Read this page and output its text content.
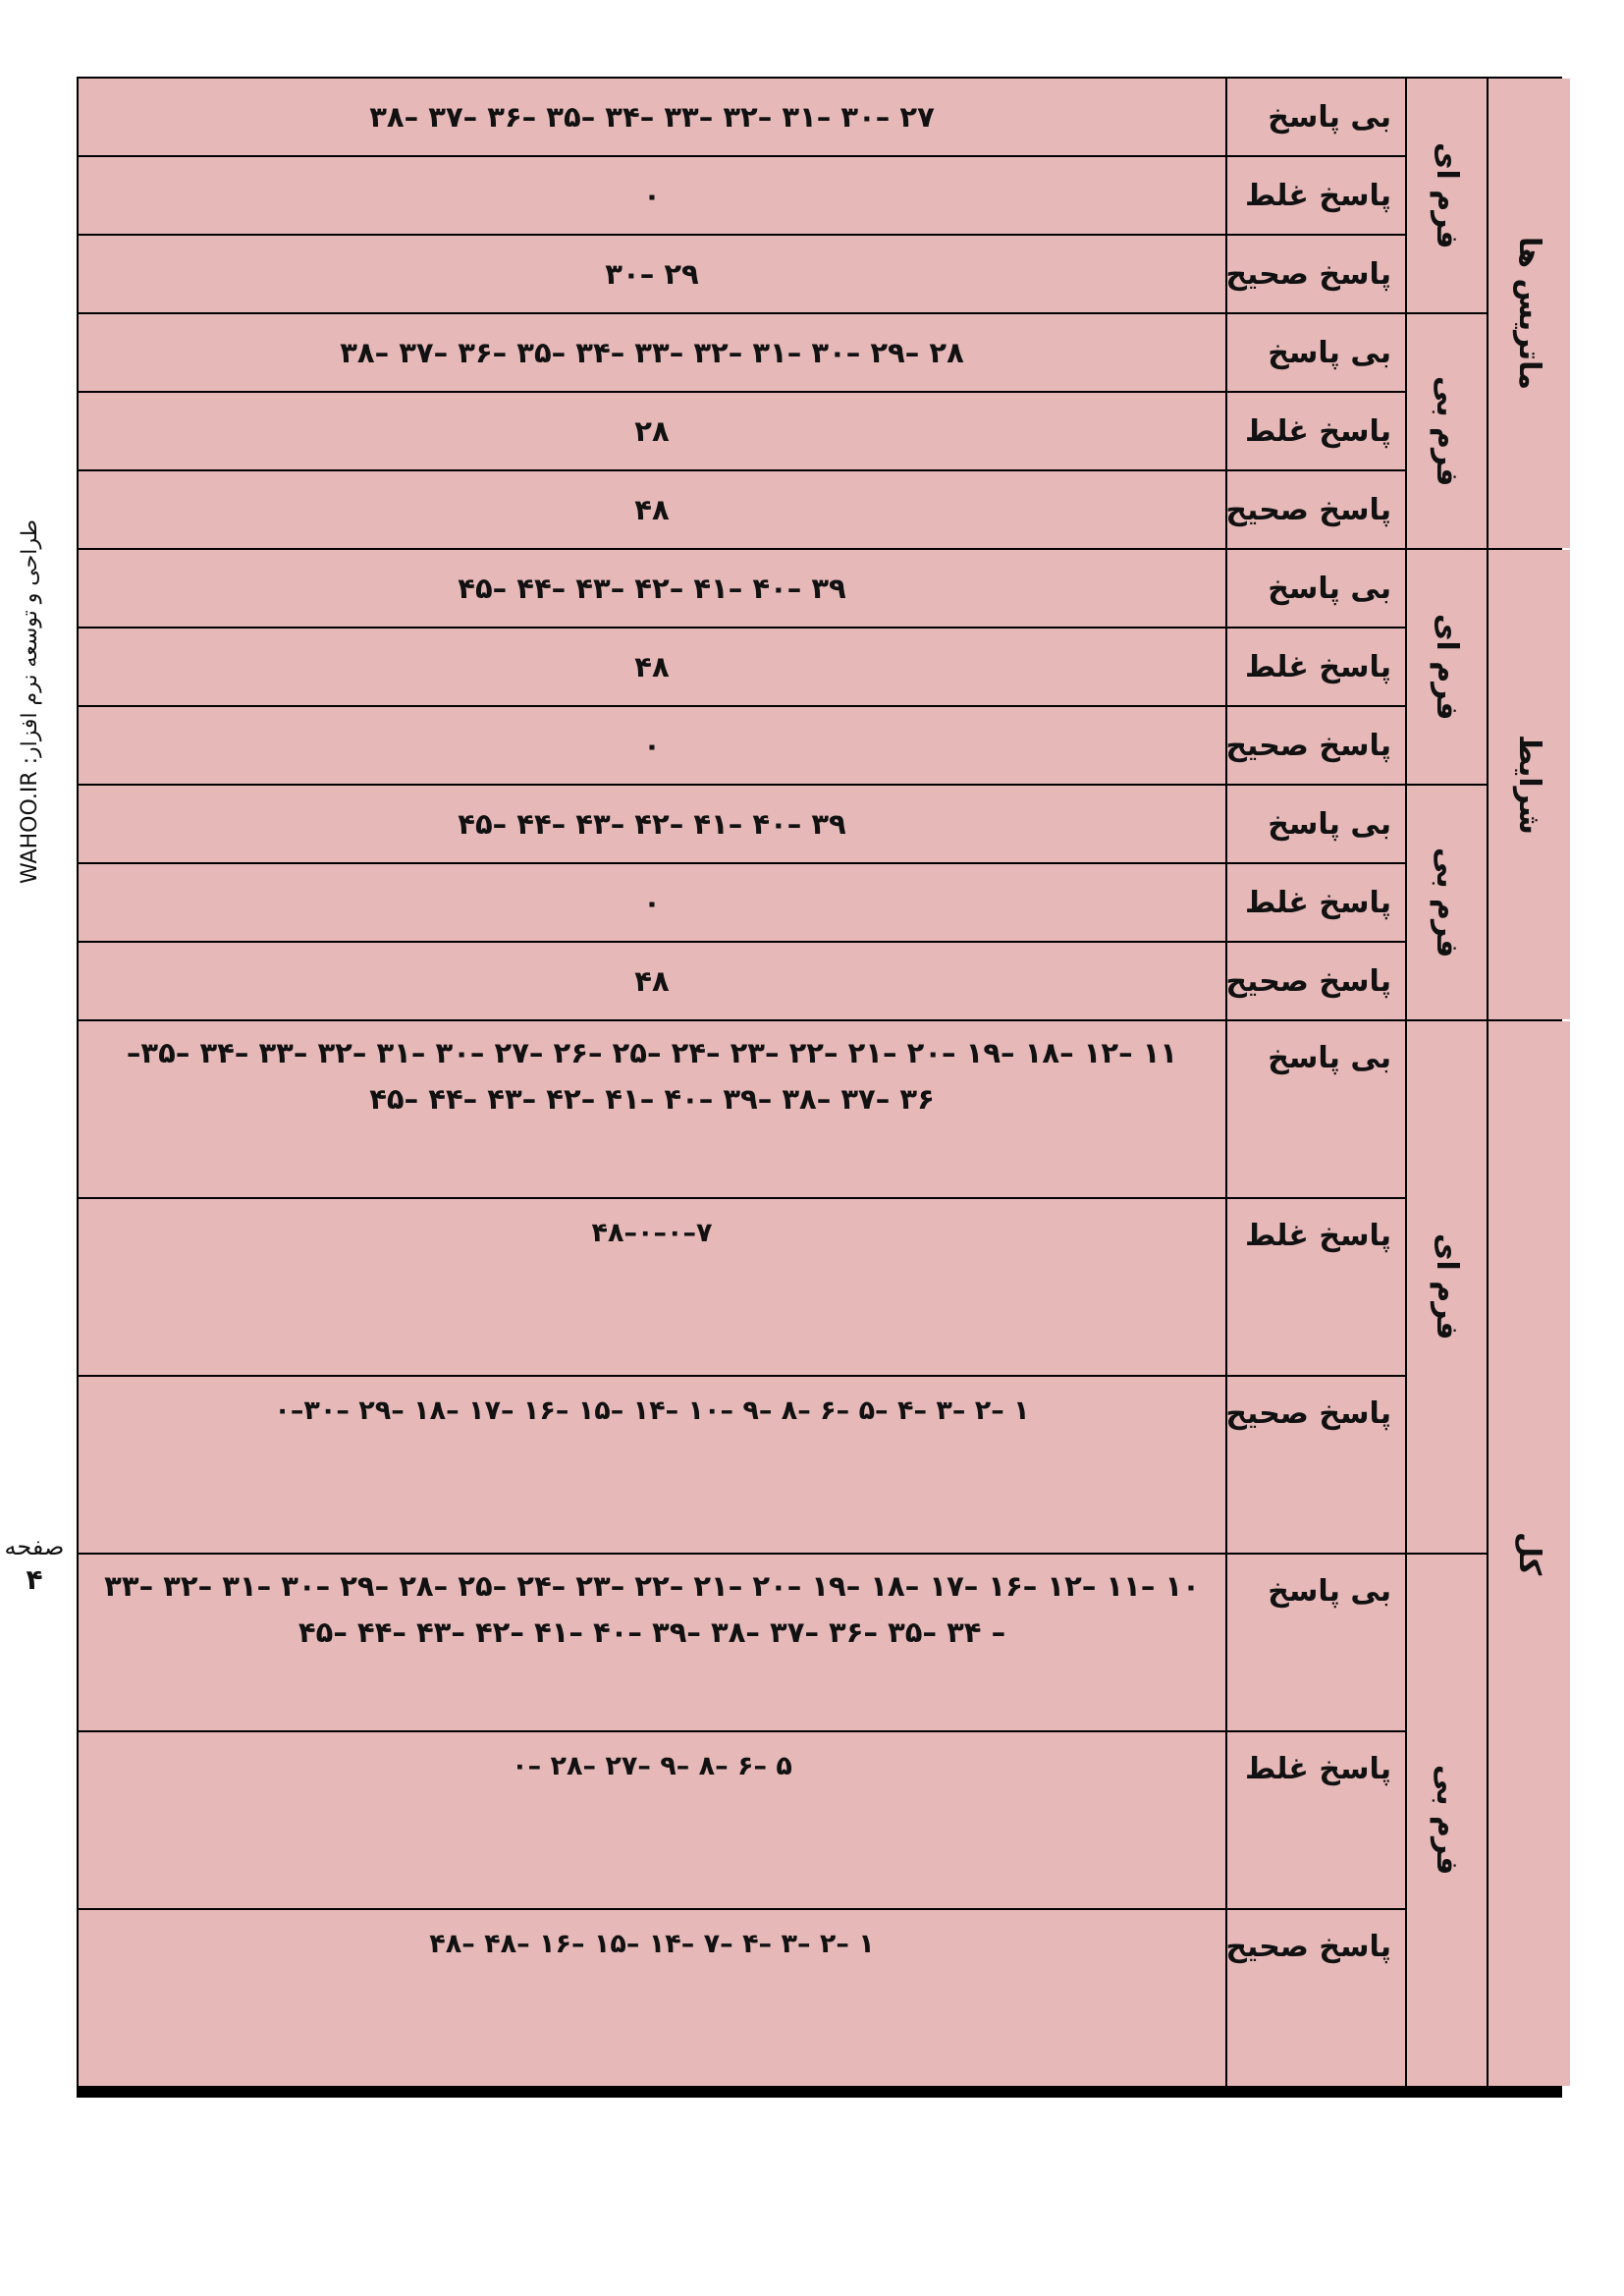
طراحی و توسعه نرم افزار: WAHOO.IR
صفحه
۴
ماتریس ها
فرم ای
فرم بی
بی پاسخ
۲۷ –۳۰ –۳۱ –۳۲ –۳۳ –۳۴ –۳۵ –۳۶ –۳۷ –۳۸
پاسخ غلط
۰
پاسخ صحیح
۲۹ –۳۰
بی پاسخ
۲۸ –۲۹ –۳۰ –۳۱ –۳۲ –۳۳ –۳۴ –۳۵ –۳۶ –۳۷ –۳۸
پاسخ غلط
۲۸
پاسخ صحیح
۴۸
شرایط
فرم ای
فرم بی
بی پاسخ
۳۹ –۴۰ –۴۱ –۴۲ –۴۳ –۴۴ –۴۵
پاسخ غلط
۴۸
پاسخ صحیح
۰
بی پاسخ
۳۹ –۴۰ –۴۱ –۴۲ –۴۳ –۴۴ –۴۵
پاسخ غلط
۰
پاسخ صحیح
۴۸
کل
فرم ای
فرم بی
بی پاسخ
۱۱ –۱۲ –۱۸ –۱۹ –۲۰ –۲۱ –۲۲ –۲۳ –۲۴ –۲۵ –۲۶ –۲۷ –۳۰ –۳۱ –۳۲ –۳۳ –۳۴ –۳۵–
۳۶ –۳۷ –۳۸ –۳۹ –۴۰ –۴۱ –۴۲ –۴۳ –۴۴ –۴۵
پاسخ غلط
۷–۰–۰–۴۸
پاسخ صحیح
۱ –۲ –۳ –۴ –۵ –۶ –۸ –۹ –۱۰ –۱۴ –۱۵ –۱۶ –۱۷ –۱۸ –۲۹ –۳۰–۰
بی پاسخ
۱۰ –۱۱ –۱۲ –۱۶ –۱۷ –۱۸ –۱۹ –۲۰ –۲۱ –۲۲ –۲۳ –۲۴ –۲۵ –۲۸ –۲۹ –۳۰ –۳۱ –۳۲ –۳۳
– ۳۴ –۳۵ –۳۶ –۳۷ –۳۸ –۳۹ –۴۰ –۴۱ –۴۲ –۴۳ –۴۴ –۴۵
پاسخ غلط
۵ –۶ –۸ –۹ –۲۷ –۲۸ –۰
پاسخ صحیح
۱ –۲ –۳ –۴ –۷ –۱۴ –۱۵ –۱۶ –۴۸ –۴۸
